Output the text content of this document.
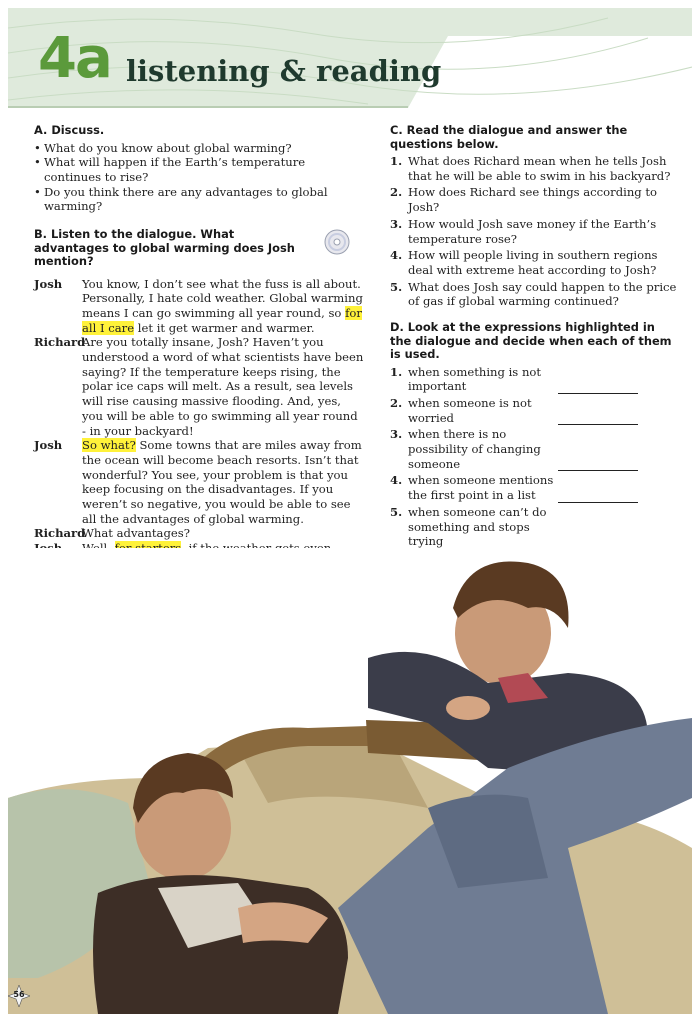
4a listening & reading
A. Discuss.
• What do you know about global warming?
• What will happen if the Earth’s temperature continues to rise?
• Do you think there are any advantages to global warming?
B. Listen to the dialogue. What advantages to global warming does Josh mention?
Josh	You know, I don’t see what the fuss is all about. Personally, I hate cold weather. Global warming means I can go swimming all year round, so for all I care let it get warmer and warmer.
Richard
Are you totally insane, Josh? Haven’t you understood a word of what scientists have been saying? If the temperature keeps rising, the polar ice caps will melt. As a result, sea levels will rise causing massive flooding. And, yes, you will be able to go swimming all year round - in your backyard!
Josh	So what? Some towns that are miles away from the ocean will become beach resorts. Isn’t that wonderful? You see, your problem is that you keep focusing on the disadvantages. If you weren’t so negative, you would be able to see all the advantages of global warming.
Richard
What advantages?
C. Read the dialogue and answer the questions below.
1. What does Richard mean when he tells Josh that he will be able to swim in his backyard?
2. How does Richard see things according to Josh?
3. How would Josh save money if the Earth’s temperature rose?
4. How will people living in southern regions deal with extreme heat according to Josh?
5. What does Josh say could happen to the price of gas if global warming continued?
D. Look at the expressions highlighted in the dialogue and decide when each of them is used.
1. when something is not important
2. when someone is not worried
3. when there is no possibility of changing someone
4. when someone mentions the first point in a list
5. when someone can’t do something and stops trying
•
56
